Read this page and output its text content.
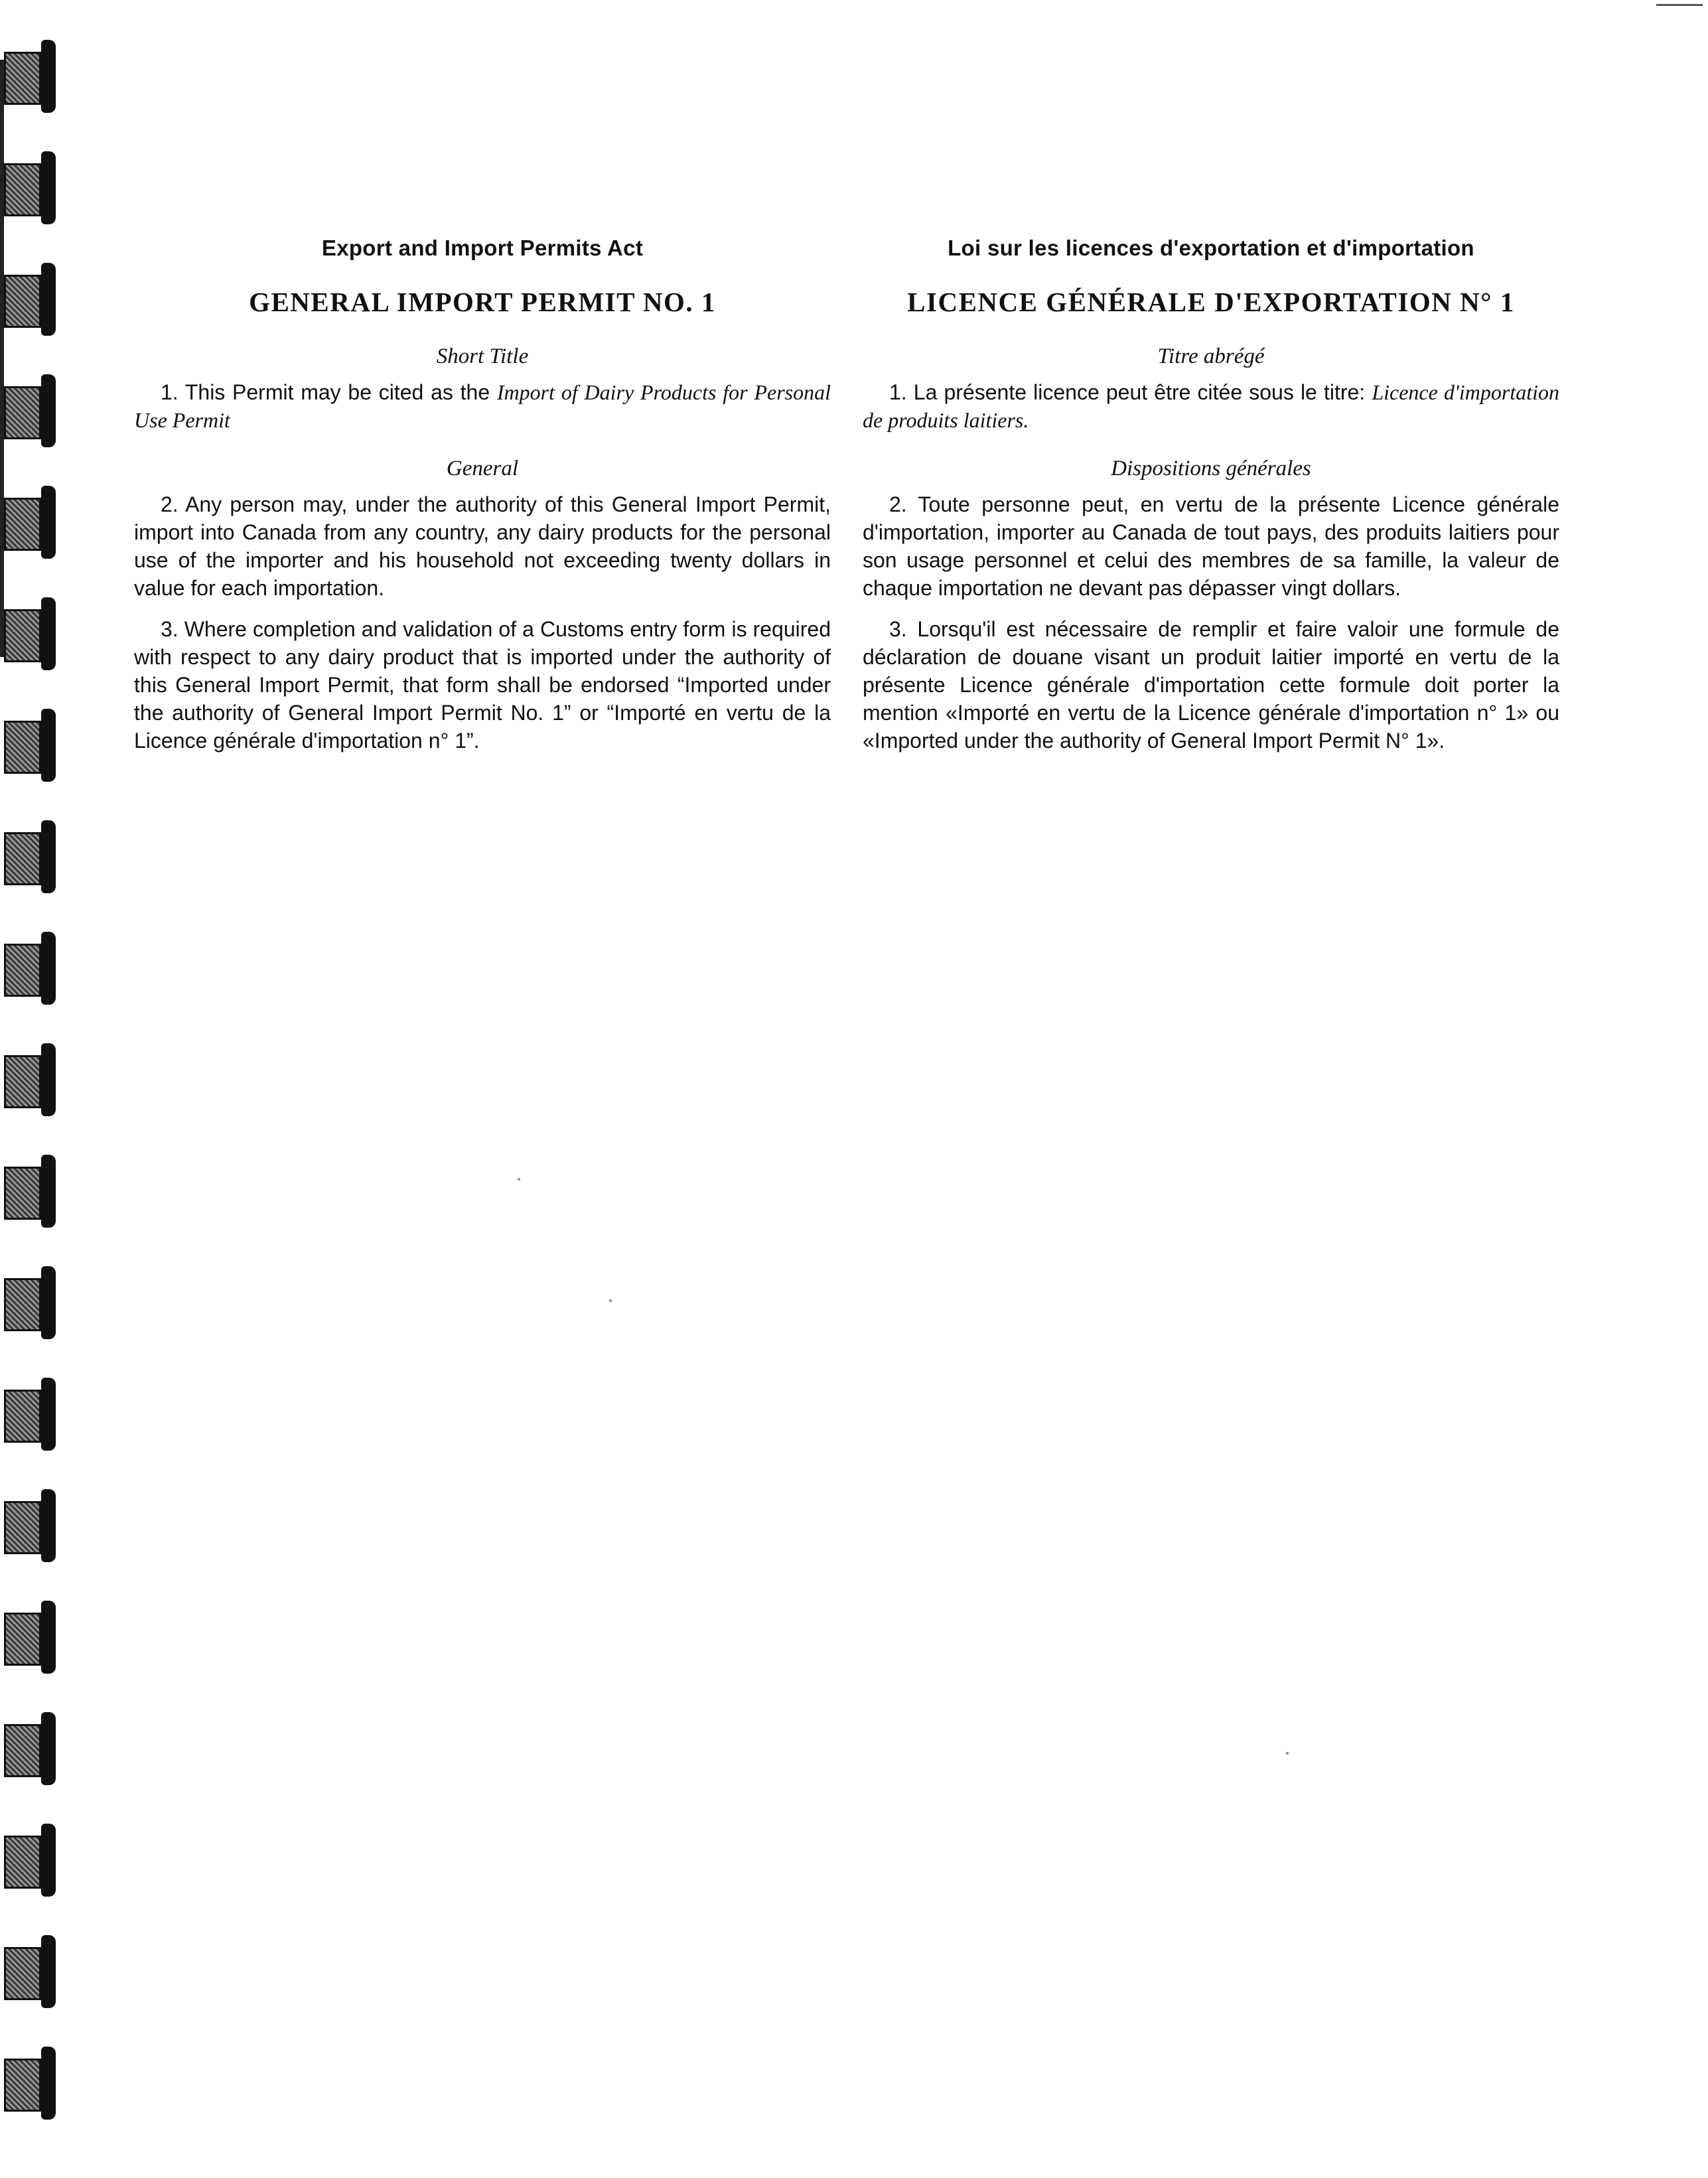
Export and Import Permits Act
GENERAL IMPORT PERMIT NO. 1
Short Title

1. This Permit may be cited as the Import of Dairy Products for Personal Use Permit

General

2. Any person may, under the authority of this General Import Permit, import into Canada from any country, any dairy products for the personal use of the importer and his household not exceeding twenty dollars in value for each importation.

3. Where completion and validation of a Customs entry form is required with respect to any dairy product that is imported under the authority of this General Import Permit, that form shall be endorsed “Imported under the authority of General Import Permit No. 1” or “Importé en vertu de la Licence générale d'importation n° 1”.

Loi sur les licences d'exportation et d'importation
LICENCE GÉNÉRALE D'EXPORTATION N° 1
Titre abrégé

1. La présente licence peut être citée sous le titre: Licence d'importation de produits laitiers.

Dispositions générales

2. Toute personne peut, en vertu de la présente Licence générale d'importation, importer au Canada de tout pays, des produits laitiers pour son usage personnel et celui des membres de sa famille, la valeur de chaque importation ne devant pas dépasser vingt dollars.

3. Lorsqu'il est nécessaire de remplir et faire valoir une formule de déclaration de douane visant un produit laitier importé en vertu de la présente Licence générale d'importation cette formule doit porter la mention «Importé en vertu de la Licence générale d'importation n° 1» ou «Imported under the authority of General Import Permit N° 1».
